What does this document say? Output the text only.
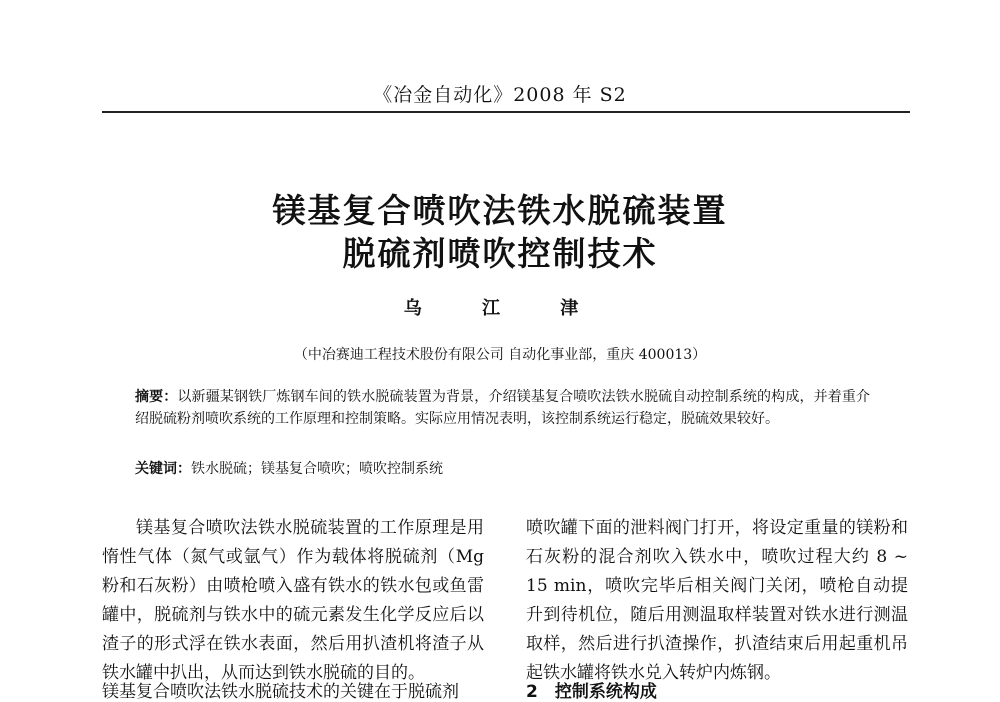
《冶金自动化》2008 年 S2
镁基复合喷吹法铁水脱硫装置
脱硫剂喷吹控制技术
乌 江 津
（中冶赛迪工程技术股份有限公司 自动化事业部，重庆 400013）
摘要：以新疆某钢铁厂炼钢车间的铁水脱硫装置为背景，介绍镁基复合喷吹法铁水脱硫自动控制系统的构成，并着重介绍脱硫粉剂喷吹系统的工作原理和控制策略。实际应用情况表明，该控制系统运行稳定，脱硫效果较好。
关键词：铁水脱硫；镁基复合喷吹；喷吹控制系统
镁基复合喷吹法铁水脱硫装置的工作原理是用惰性气体（氮气或氩气）作为载体将脱硫剂（Mg粉和石灰粉）由喷枪喷入盛有铁水的铁水包或鱼雷罐中，脱硫剂与铁水中的硫元素发生化学反应后以渣子的形式浮在铁水表面，然后用扒渣机将渣子从铁水罐中扒出，从而达到铁水脱硫的目的。
镁基复合喷吹法铁水脱硫技术的关键在于脱硫剂
喷吹罐下面的泄料阀门打开，将设定重量的镁粉和石灰粉的混合剂吹入铁水中，喷吹过程大约 8 ~ 15 min，喷吹完毕后相关阀门关闭，喷枪自动提升到待机位，随后用测温取样装置对铁水进行测温取样，然后进行扒渣操作，扒渣结束后用起重机吊起铁水罐将铁水兑入转炉内炼钢。
2　控制系统构成
